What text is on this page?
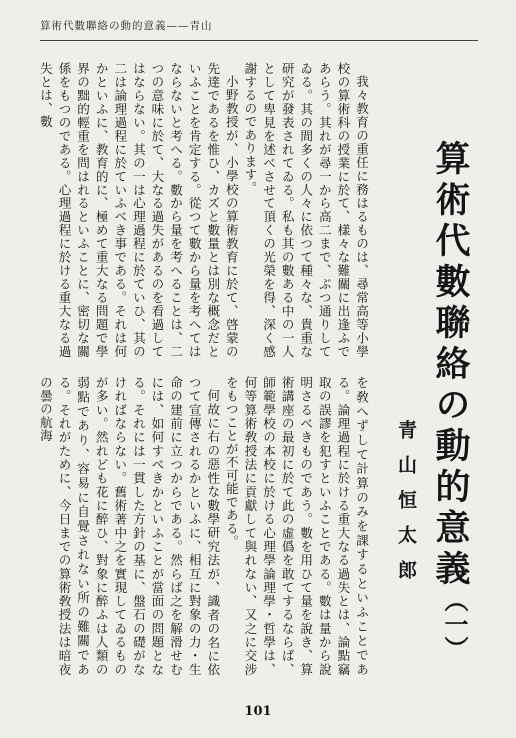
算術代數聯絡の動的意義——青山
算術代數聯絡の動的意義
（一）
青山恒太郎
我々教育の重任に務はるものは、尋常高等小學校の算術科の授業に於て、樣々な難關に出逢ふであらう。其れが尋一から高二まで、ぶつ通りしてゐる。其の間多くの人々に依つて種々な、貴重な研究が發表されてゐる。私も其の數ある中の一人として卑見を述べさせて頂くの光榮を得、深く感謝するのであります。
小野教授が、小學校の算術教育に於て、啓蒙の先達であるを惟ひ、カズと數量とは別な概念だといふことを肯定する。從つて數から量を考へてはならないと考へる。數から量を考へることは、二つの意味に於て、大なる過失があるのを看過してはならない。其の一は心理過程に於ていひ、其の二は論理過程に於ていふべき事である。それは何かといふに、教育的に、極めて重大なる問題で學界の黜的輕重を問はれるといふことに、密切な關係をもつのである。心理過程に於ける重大なる過失とは、數
を敎へずして計算のみを課するといふことである。論理過程に於ける重大なる過失とは、論點竊取の誤謬を犯すといふことである。數は量から說明さるべきものであう。數を用ひて量を說き、算術講座の最初に於て此の虛僞を敢てするならば、師範學校の本校に於ける心理學論理學・哲學は、何等算術敎授法に貢獻して與れない、又之に交涉をもつことが不可能である。
何故に右の惡性な數學研究法が、識者の名に依つて宣傳されるかといふに、相互に對象の力・生命の建前に立つからである。然らば之を解滑せむには、如何すべきかといふことが當面の問題となる。それには一貫した方針の基に、盤石の礎がなければならない。舊術著中之を實現してゐるものが多い。然れども花に醉ひ、對象に醉ふは人類の弱點であり、容易に自覺されない所の難關である。それがために、今日までの算術敎授法は暗夜の曇の航海
101
